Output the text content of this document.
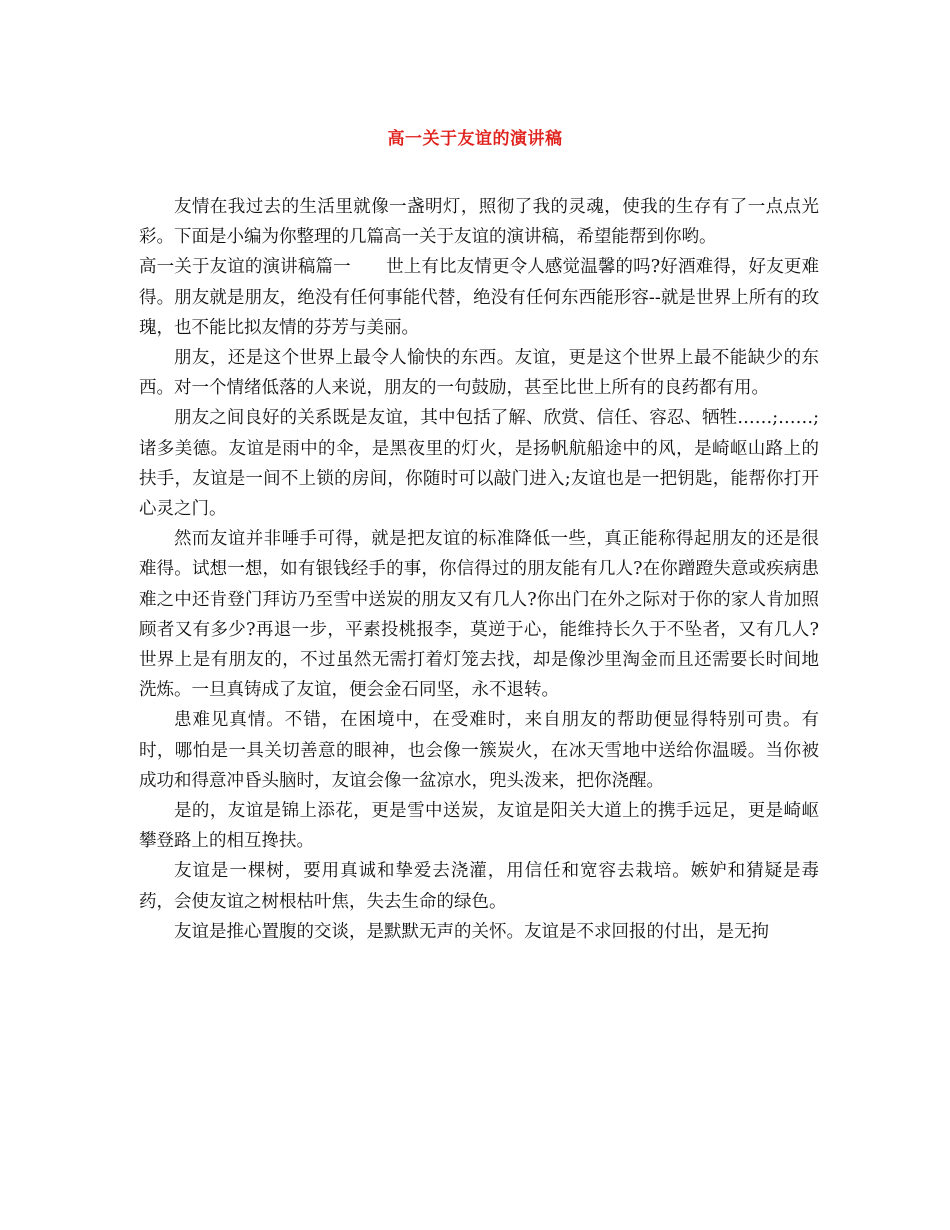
高一关于友谊的演讲稿

友情在我过去的生活里就像一盏明灯，照彻了我的灵魂，使我的生存有了一点点光彩。下面是小编为你整理的几篇高一关于友谊的演讲稿，希望能帮到你哟。

高一关于友谊的演讲稿篇一　　世上有比友情更令人感觉温馨的吗?好酒难得，好友更难得。朋友就是朋友，绝没有任何事能代替，绝没有任何东西能形容--就是世界上所有的玫瑰，也不能比拟友情的芬芳与美丽。

朋友，还是这个世界上最令人愉快的东西。友谊，更是这个世界上最不能缺少的东西。对一个情绪低落的人来说，朋友的一句鼓励，甚至比世上所有的良药都有用。

朋友之间良好的关系既是友谊，其中包括了解、欣赏、信任、容忍、牺牲……;……;诸多美德。友谊是雨中的伞，是黑夜里的灯火，是扬帆航船途中的风，是崎岖山路上的扶手，友谊是一间不上锁的房间，你随时可以敲门进入;友谊也是一把钥匙，能帮你打开心灵之门。

然而友谊并非唾手可得，就是把友谊的标准降低一些，真正能称得起朋友的还是很难得。试想一想，如有银钱经手的事，你信得过的朋友能有几人?在你蹭蹬失意或疾病患难之中还肯登门拜访乃至雪中送炭的朋友又有几人?你出门在外之际对于你的家人肯加照顾者又有多少?再退一步，平素投桃报李，莫逆于心，能维持长久于不坠者，又有几人?世界上是有朋友的，不过虽然无需打着灯笼去找，却是像沙里淘金而且还需要长时间地洗炼。一旦真铸成了友谊，便会金石同坚，永不退转。

患难见真情。不错，在困境中，在受难时，来自朋友的帮助便显得特别可贵。有时，哪怕是一具关切善意的眼神，也会像一簇炭火，在冰天雪地中送给你温暖。当你被成功和得意冲昏头脑时，友谊会像一盆凉水，兜头泼来，把你浇醒。

是的，友谊是锦上添花，更是雪中送炭，友谊是阳关大道上的携手远足，更是崎岖攀登路上的相互搀扶。

友谊是一棵树，要用真诚和挚爱去浇灌，用信任和宽容去栽培。嫉妒和猜疑是毒药，会使友谊之树根枯叶焦，失去生命的绿色。

友谊是推心置腹的交谈，是默默无声的关怀。友谊是不求回报的付出，是无拘
